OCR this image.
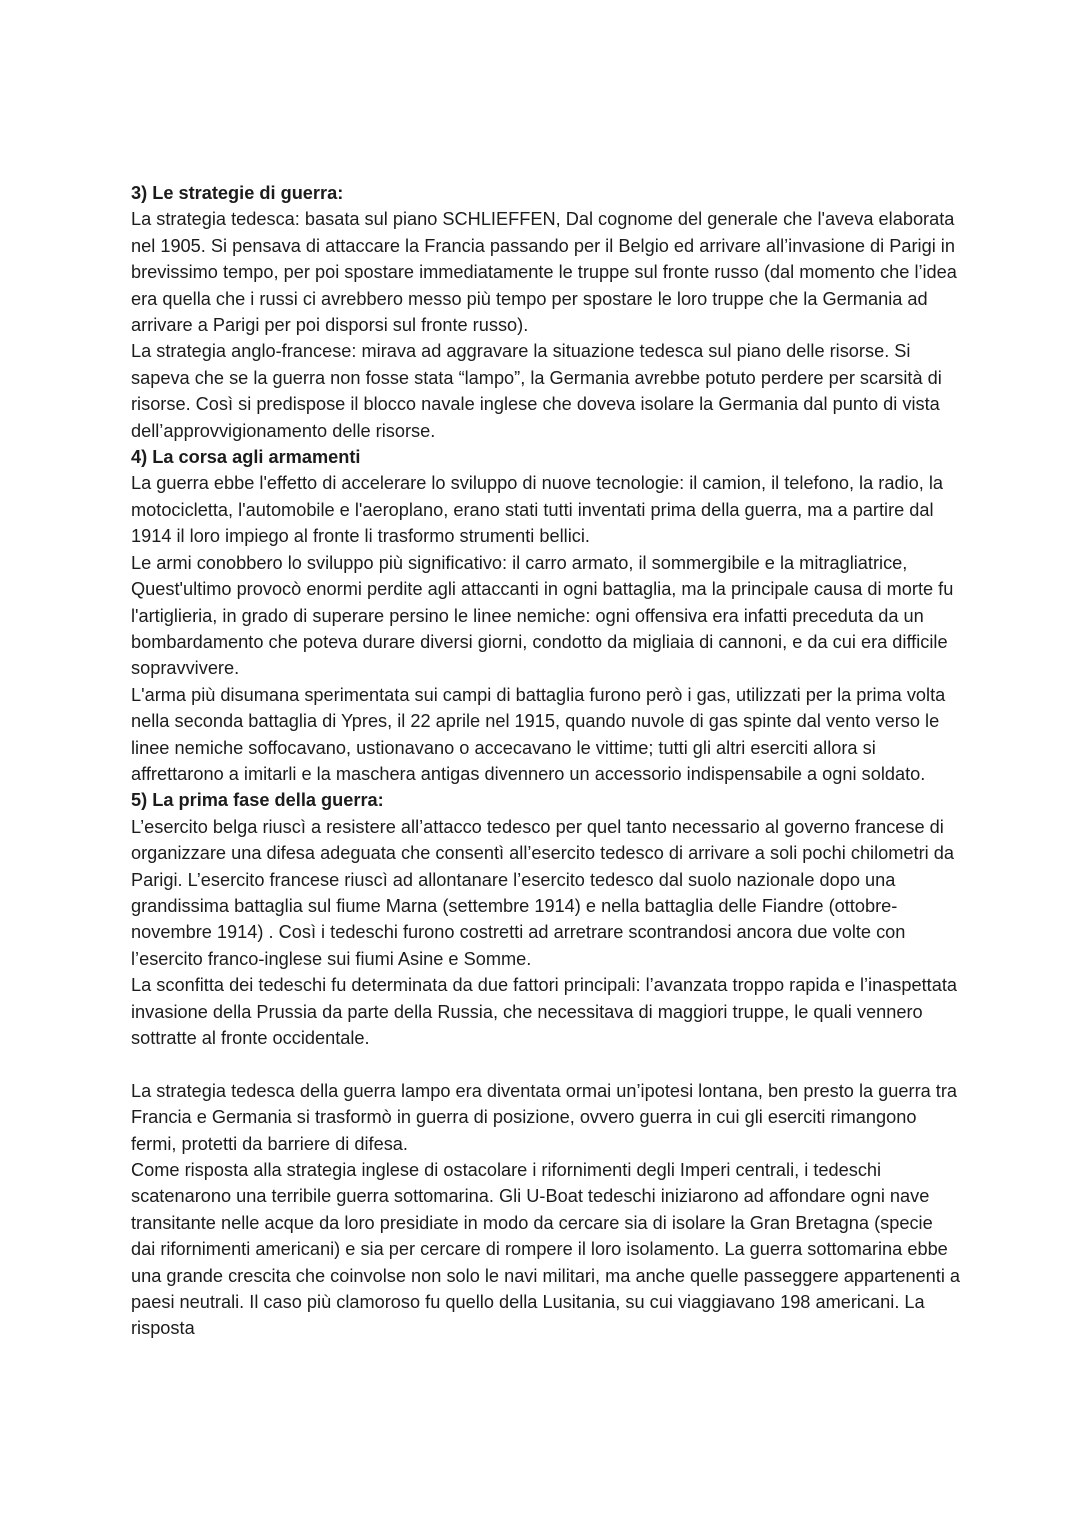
3) Le strategie di guerra:

La strategia tedesca: basata sul piano SCHLIEFFEN, Dal cognome del generale che l'aveva elaborata nel 1905. Si pensava di attaccare la Francia passando per il Belgio ed arrivare all’invasione di Parigi in brevissimo tempo, per poi spostare immediatamente le truppe sul fronte russo (dal momento che l’idea era quella che i russi ci avrebbero messo più tempo per spostare le loro truppe che la Germania ad arrivare a Parigi per poi disporsi sul fronte russo).

La strategia anglo-francese: mirava ad aggravare la situazione tedesca sul piano delle risorse. Si sapeva che se la guerra non fosse stata “lampo”, la Germania avrebbe potuto perdere per scarsità di risorse. Così si predispose il blocco navale inglese che doveva isolare la Germania dal punto di vista dell’approvvigionamento delle risorse.

4) La corsa agli armamenti

La guerra ebbe l'effetto di accelerare lo sviluppo di nuove tecnologie: il camion, il telefono, la radio, la motocicletta, l'automobile e l'aeroplano, erano stati tutti inventati prima della guerra, ma a partire dal 1914 il loro impiego al fronte li trasformo strumenti bellici.

Le armi conobbero lo sviluppo più significativo: il carro armato, il sommergibile e la mitragliatrice, Quest'ultimo provocò enormi perdite agli attaccanti in ogni battaglia, ma la principale causa di morte fu l'artiglieria, in grado di superare persino le linee nemiche: ogni offensiva era infatti preceduta da un bombardamento che poteva durare diversi giorni, condotto da migliaia di cannoni, e da cui era difficile sopravvivere.

L'arma più disumana sperimentata sui campi di battaglia furono però i gas, utilizzati per la prima volta nella seconda battaglia di Ypres, il 22 aprile nel 1915, quando nuvole di gas spinte dal vento verso le linee nemiche soffocavano, ustionavano o accecavano le vittime; tutti gli altri eserciti allora si affrettarono a imitarli e la maschera antigas divennero un accessorio indispensabile a ogni soldato.

5) La prima fase della guerra:

L’esercito belga riuscì a resistere all’attacco tedesco per quel tanto necessario al governo francese di organizzare una difesa adeguata che consentì all’esercito tedesco di arrivare a soli pochi chilometri da Parigi. L’esercito francese riuscì ad allontanare l’esercito tedesco dal suolo nazionale dopo una grandissima battaglia sul fiume Marna (settembre 1914) e nella battaglia delle Fiandre (ottobre-novembre 1914) . Così i tedeschi furono costretti ad arretrare scontrandosi ancora due volte con l’esercito franco-inglese sui fiumi Asine e Somme.

La sconfitta dei tedeschi fu determinata da due fattori principali: l’avanzata troppo rapida e l’inaspettata invasione della Prussia da parte della Russia, che necessitava di maggiori truppe, le quali vennero sottratte al fronte occidentale.

La strategia tedesca della guerra lampo era diventata ormai un’ipotesi lontana, ben presto la guerra tra Francia e Germania si trasformò in guerra di posizione, ovvero guerra in cui gli eserciti rimangono fermi, protetti da barriere di difesa.

Come risposta alla strategia inglese di ostacolare i rifornimenti degli Imperi centrali, i tedeschi scatenarono una terribile guerra sottomarina. Gli U-Boat tedeschi iniziarono ad affondare ogni nave transitante nelle acque da loro presidiate in modo da cercare sia di isolare la Gran Bretagna (specie dai rifornimenti americani) e sia per cercare di rompere il loro isolamento. La guerra sottomarina ebbe una grande crescita che coinvolse non solo le navi militari, ma anche quelle passeggere appartenenti a paesi neutrali. Il caso più clamoroso fu quello della Lusitania, su cui viaggiavano 198 americani. La risposta
